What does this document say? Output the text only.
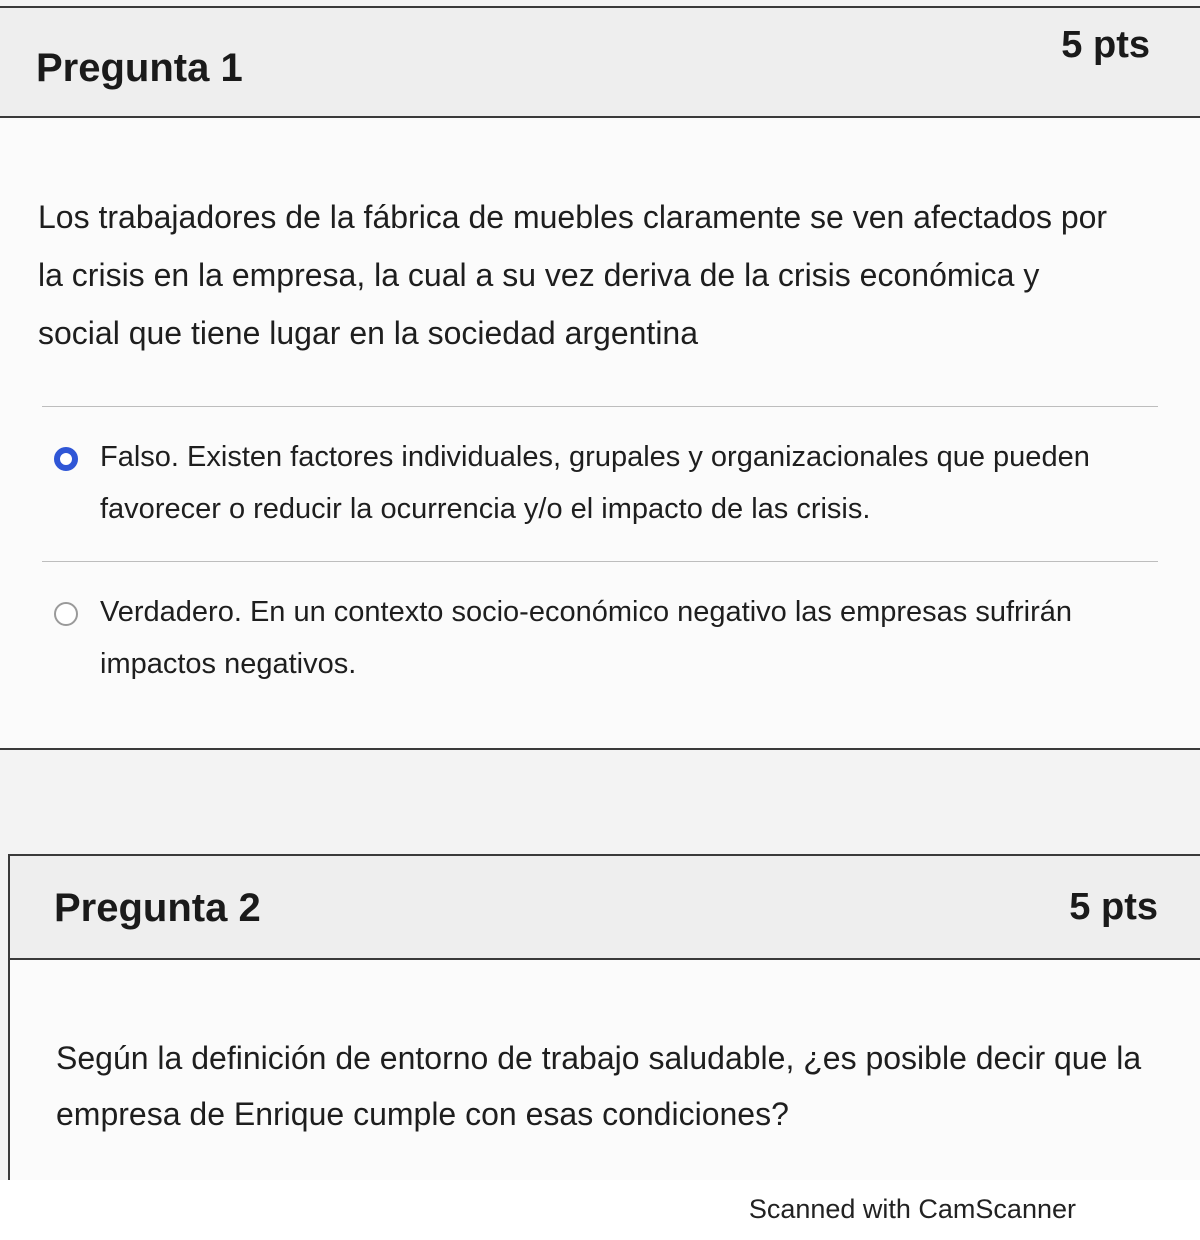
Pregunta 1
5 pts
Los trabajadores de la fábrica de muebles claramente se ven afectados por la crisis en la empresa, la cual a su vez deriva de la crisis económica y social que tiene lugar en la sociedad argentina
Falso. Existen factores individuales, grupales y organizacionales que pueden favorecer o reducir la ocurrencia y/o el impacto de las crisis.
Verdadero. En un contexto socio-económico negativo las empresas sufrirán impactos negativos.
Pregunta 2	5 pts
Según la definición de entorno de trabajo saludable, ¿es posible decir que la empresa de Enrique cumple con esas condiciones?
Scanned with CamScanner
